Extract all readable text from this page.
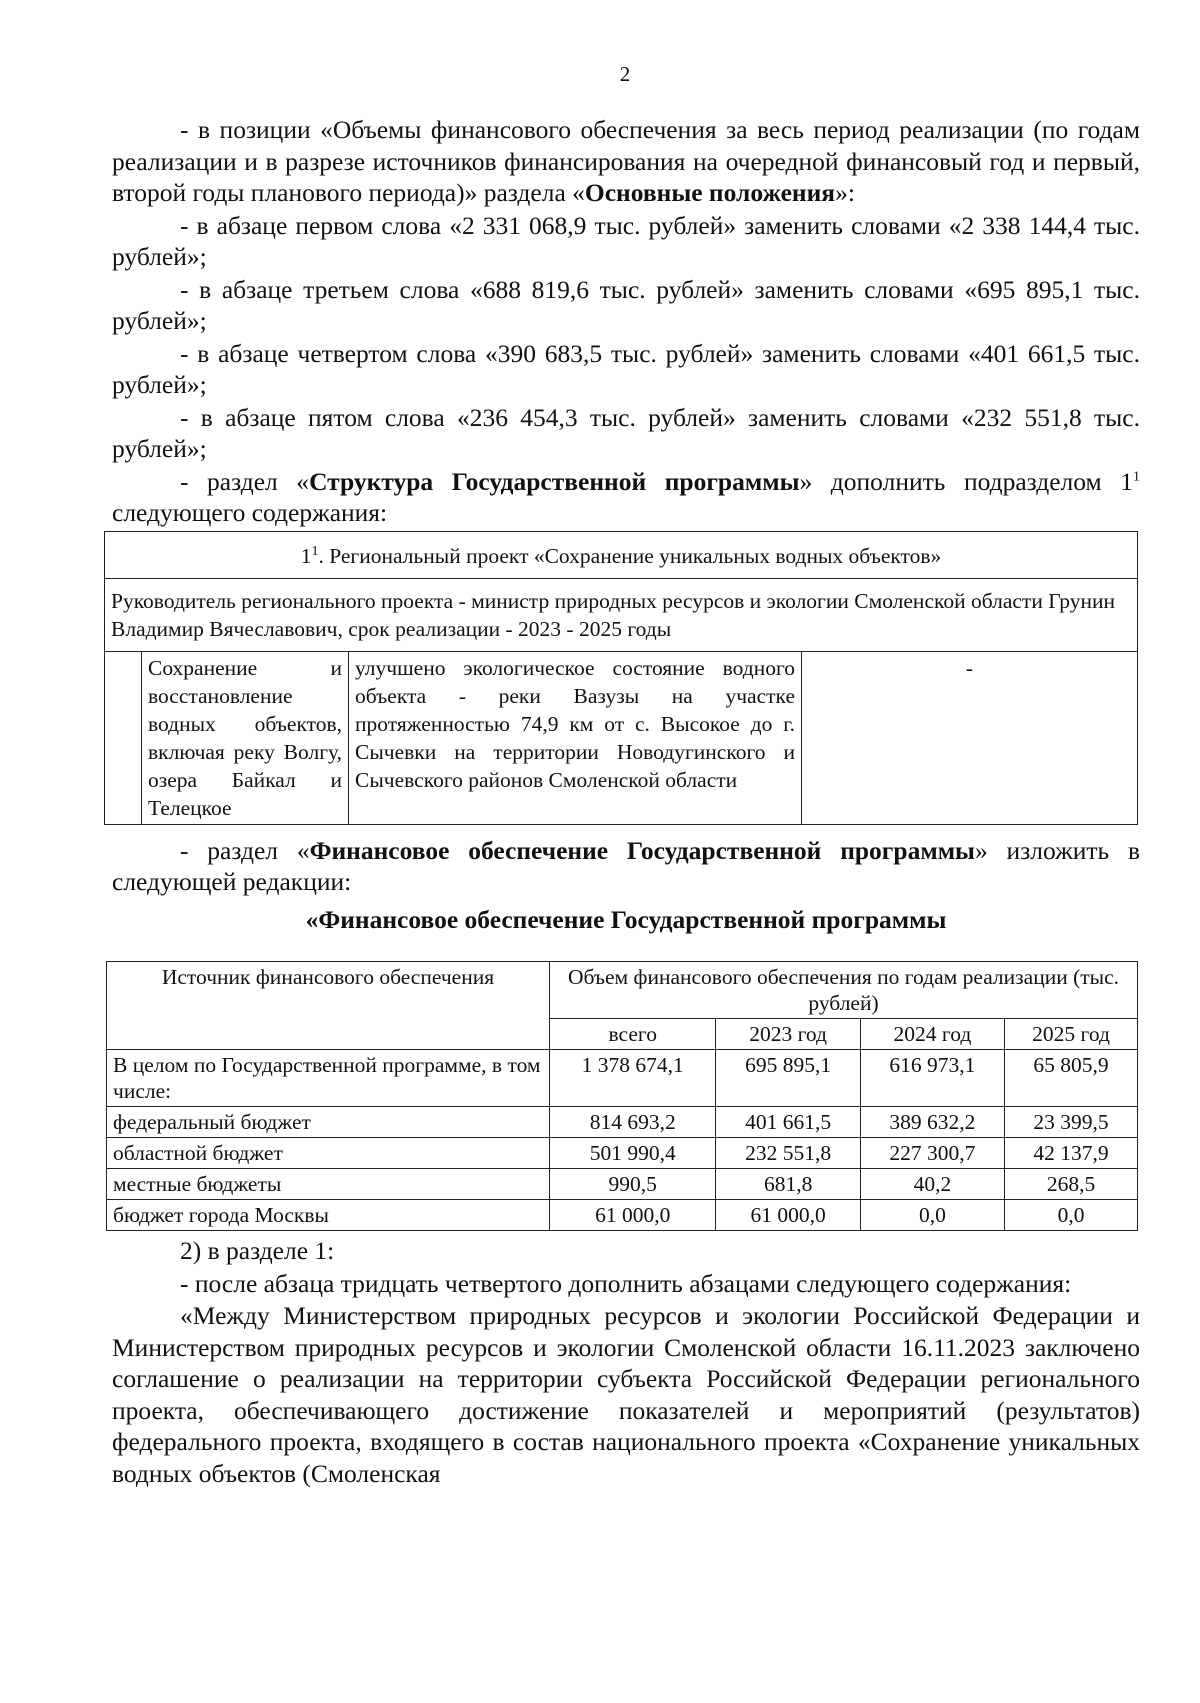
2

- в позиции «Объемы финансового обеспечения за весь период реализации (по годам реализации и в разрезе источников финансирования на очередной финансовый год и первый, второй годы планового периода)» раздела «Основные положения»:

- в абзаце первом слова «2 331 068,9 тыс. рублей» заменить словами «2 338 144,4 тыс. рублей»;

- в абзаце третьем слова «688 819,6 тыс. рублей» заменить словами «695 895,1 тыс. рублей»;

- в абзаце четвертом слова «390 683,5 тыс. рублей» заменить словами «401 661,5 тыс. рублей»;

- в абзаце пятом слова «236 454,3 тыс. рублей» заменить словами «232 551,8 тыс. рублей»;

- раздел «Структура Государственной программы» дополнить подразделом $1^1$ следующего содержания:

$1^1$. Региональный проект «Сохранение уникальных водных объектов»
Руководитель регионального проекта - министр природных ресурсов и экологии Смоленской области Грунин Владимир Вячеславович, срок реализации - 2023 - 2025 годы
	Сохранение и восстановление водных объектов, включая реку Волгу, озера Байкал и Телецкое	улучшено экологическое состояние водного объекта - реки Вазузы на участке протяженностью 74,9 км от с. Высокое до г. Сычевки на территории Новодугинского и Сычевского районов Смоленской области	-

- раздел «Финансовое обеспечение Государственной программы» изложить в следующей редакции:

«Финансовое обеспечение Государственной программы

Источник финансового обеспечения	Объем финансового обеспечения по годам реализации (тыс. рублей)			
	всего	2023 год	2024 год	2025 год
В целом по Государственной программе, в том числе:	1 378 674,1	695 895,1	616 973,1	65 805,9
федеральный бюджет	814 693,2	401 661,5	389 632,2	23 399,5
областной бюджет	501 990,4	232 551,8	227 300,7	42 137,9
местные бюджеты	990,5	681,8	40,2	268,5
бюджет города Москвы	61 000,0	61 000,0	0,0	0,0

2) в разделе 1:

- после абзаца тридцать четвертого дополнить абзацами следующего содержания:

«Между Министерством природных ресурсов и экологии Российской Федерации и Министерством природных ресурсов и экологии Смоленской области 16.11.2023 заключено соглашение о реализации на территории субъекта Российской Федерации регионального проекта, обеспечивающего достижение показателей и мероприятий (результатов) федерального проекта, входящего в состав национального проекта «Сохранение уникальных водных объектов (Смоленская
